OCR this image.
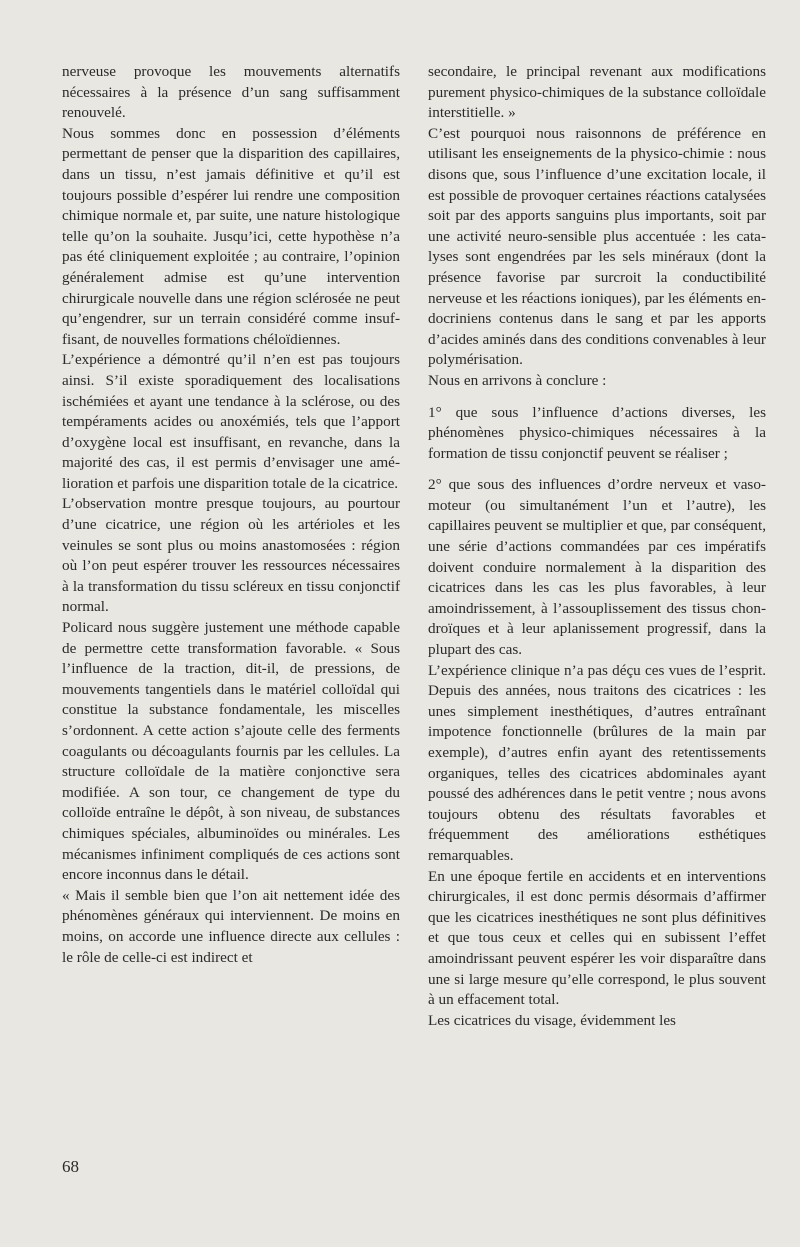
nerveuse provoque les mouvements alternatifs nécessaires à la présence d’un sang suffisamment renouvelé.

Nous sommes donc en possession d’éléments permettant de penser que la disparition des capillaires, dans un tissu, n’est jamais définitive et qu’il est toujours possible d’espérer lui rendre une composition chimique normale et, par suite, une nature histologique telle qu’on la souhaite. Jusqu’ici, cette hypothèse n’a pas été cliniquement exploitée ; au contraire, l’opinion généralement admise est qu’une intervention chirurgicale nouvelle dans une région sclérosée ne peut qu’engendrer, sur un terrain considéré comme insuffisant, de nouvelles formations chéloïdiennes.

L’expérience a démontré qu’il n’en est pas toujours ainsi. S’il existe sporadiquement des localisations ischémiées et ayant une tendance à la sclérose, ou des tempéraments acides ou anoxémiés, tels que l’apport d’oxygène local est insuffisant, en revanche, dans la majorité des cas, il est permis d’envisager une amélioration et parfois une disparition totale de la cicatrice.

L’observation montre presque toujours, au pourtour d’une cicatrice, une région où les artérioles et les veinules se sont plus ou moins anastomosées : région où l’on peut espérer trouver les ressources nécessaires à la transformation du tissu scléreux en tissu conjonctif normal.

Policard nous suggère justement une méthode capable de permettre cette transformation favorable. « Sous l’influence de la traction, dit-il, de pressions, de mouvements tangentiels dans le matériel colloïdal qui constitue la substance fondamentale, les miscelles s’ordonnent. A cette action s’ajoute celle des ferments coagulants ou décoagulants fournis par les cellules. La structure colloïdale de la matière conjonctive sera modifiée. A son tour, ce changement de type du colloïde entraîne le dépôt, à son niveau, de substances chimiques spéciales, albuminoïdes ou minérales. Les mécanismes infiniment compliqués de ces actions sont encore inconnus dans le détail.

« Mais il semble bien que l’on ait nettement idée des phénomènes généraux qui interviennent. De moins en moins, on accorde une influence directe aux cellules : le rôle de celle-ci est indirect et

secondaire, le principal revenant aux modifications purement physico-chimiques de la substance colloïdale interstitielle. »

C’est pourquoi nous raisonnons de préférence en utilisant les enseignements de la physico-chimie : nous disons que, sous l’influence d’une excitation locale, il est possible de provoquer certaines réactions catalysées soit par des apports sanguins plus importants, soit par une activité neuro-sensible plus accentuée : les catalyses sont engendrées par les sels minéraux (dont la présence favorise par surcroit la conductibilité nerveuse et les réactions ioniques), par les éléments endocriniens contenus dans le sang et par les apports d’acides aminés dans des conditions convenables à leur polymérisation.

Nous en arrivons à conclure :

1° que sous l’influence d’actions diverses, les phénomènes physico-chimiques nécessaires à la formation de tissu conjonctif peuvent se réaliser ;

2° que sous des influences d’ordre nerveux et vaso-moteur (ou simultanément l’un et l’autre), les capillaires peuvent se multiplier et que, par conséquent, une série d’actions commandées par ces impératifs doivent conduire normalement à la disparition des cicatrices dans les cas les plus favorables, à leur amoindrissement, à l’assouplissement des tissus chondroïques et à leur aplanissement progressif, dans la plupart des cas.

L’expérience clinique n’a pas déçu ces vues de l’esprit. Depuis des années, nous traitons des cicatrices : les unes simplement inesthétiques, d’autres entraînant impotence fonctionnelle (brûlures de la main par exemple), d’autres enfin ayant des retentissements organiques, telles des cicatrices abdominales ayant poussé des adhérences dans le petit ventre ; nous avons toujours obtenu des résultats favorables et fréquemment des améliorations esthétiques remarquables.

En une époque fertile en accidents et en interventions chirurgicales, il est donc permis désormais d’affirmer que les cicatrices inesthétiques ne sont plus définitives et que tous ceux et celles qui en subissent l’effet amoindrissant peuvent espérer les voir disparaître dans une si large mesure qu’elle correspond, le plus souvent à un effacement total.

Les cicatrices du visage, évidemment les

68
